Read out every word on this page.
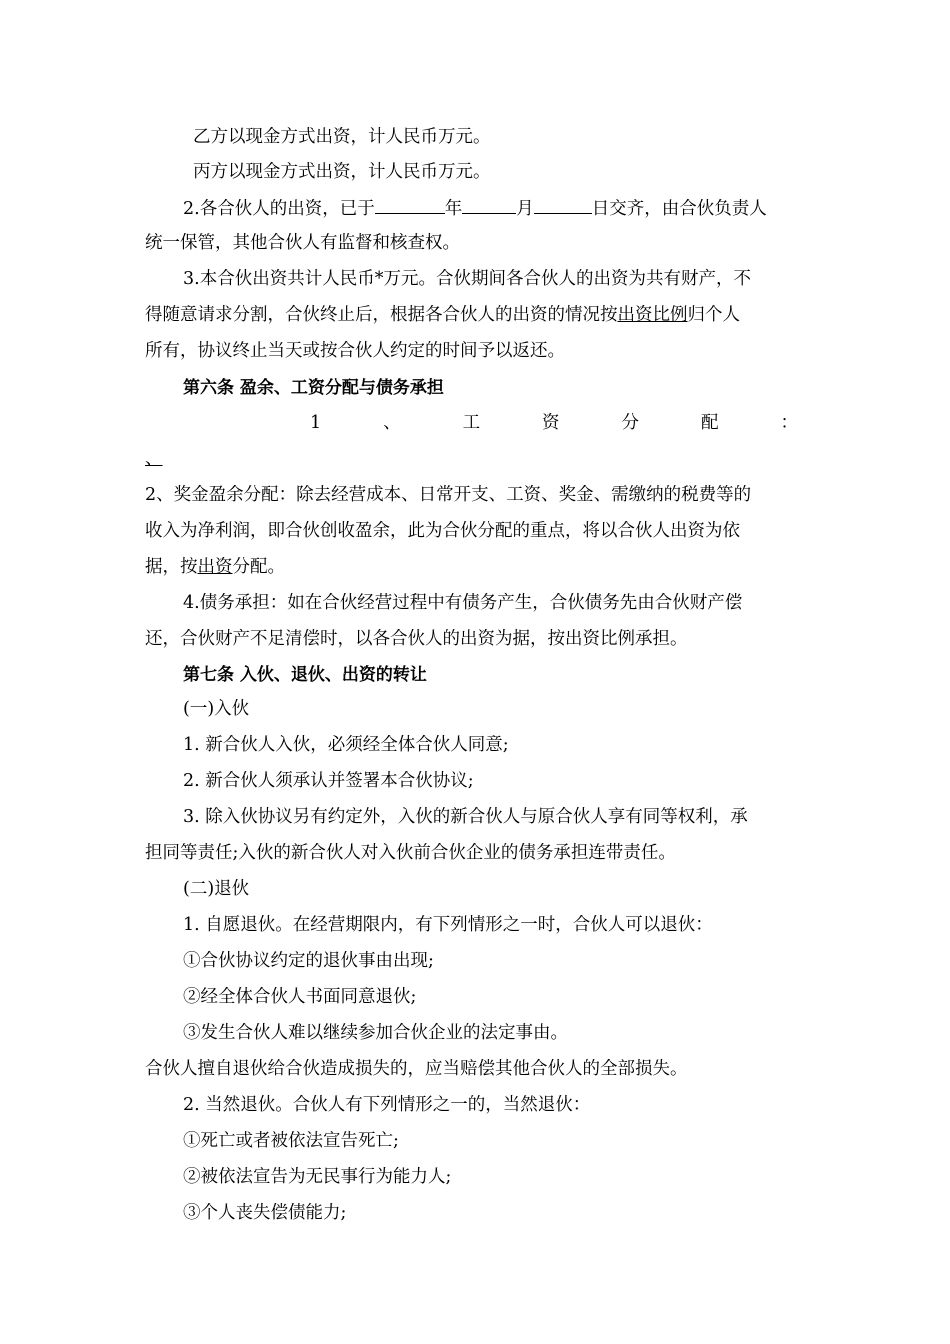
乙方以现金方式出资，计人民币万元。
丙方以现金方式出资，计人民币万元。
2.各合伙人的出资，已于	年	月	日交齐，由合伙负责人
统一保管，其他合伙人有监督和核查权。
3.本合伙出资共计人民币*万元。合伙期间各合伙人的出资为共有财产，不
得随意请求分割，合伙终止后，根据各合伙人的出资的情况按出资比例归个人
所有，协议终止当天或按合伙人约定的时间予以返还。
第六条 盈余、工资分配与债务承担
1	、	工	资	分	配	：
、
2、奖金盈余分配：除去经营成本、日常开支、工资、奖金、需缴纳的税费等的
收入为净利润，即合伙创收盈余，此为合伙分配的重点，将以合伙人出资为依
据，按出资分配。
4.债务承担：如在合伙经营过程中有债务产生，合伙债务先由合伙财产偿
还，合伙财产不足清偿时，以各合伙人的出资为据，按出资比例承担。
第七条 入伙、退伙、出资的转让
(一)入伙
1. 新合伙人入伙，必须经全体合伙人同意;
2. 新合伙人须承认并签署本合伙协议;
3. 除入伙协议另有约定外，入伙的新合伙人与原合伙人享有同等权利，承
担同等责任;入伙的新合伙人对入伙前合伙企业的债务承担连带责任。
(二)退伙
1. 自愿退伙。在经营期限内，有下列情形之一时，合伙人可以退伙：
①合伙协议约定的退伙事由出现;
②经全体合伙人书面同意退伙;
③发生合伙人难以继续参加合伙企业的法定事由。
合伙人擅自退伙给合伙造成损失的，应当赔偿其他合伙人的全部损失。
2. 当然退伙。合伙人有下列情形之一的，当然退伙：
①死亡或者被依法宣告死亡;
②被依法宣告为无民事行为能力人;
③个人丧失偿债能力;
